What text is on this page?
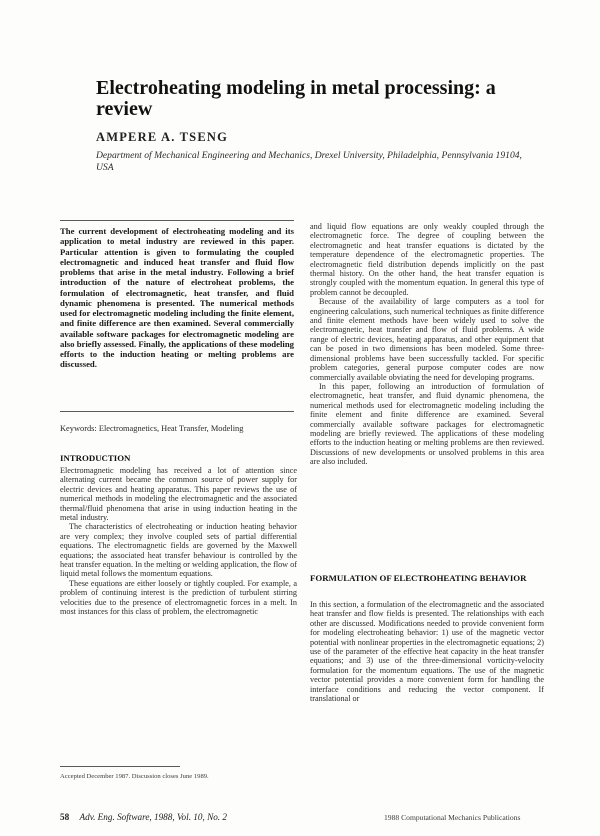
Electroheating modeling in metal processing: a review
AMPERE A. TSENG
Department of Mechanical Engineering and Mechanics, Drexel University, Philadelphia, Pennsylvania 19104, USA

The current development of electroheating modeling and its application to metal industry are reviewed in this paper. Particular attention is given to formulating the coupled electromagnetic and induced heat transfer and fluid flow problems that arise in the metal industry. Following a brief introduction of the nature of electroheat problems, the formulation of electromagnetic, heat transfer, and fluid dynamic phenomena is presented. The numerical methods used for electromagnetic modeling including the finite element, and finite difference are then examined. Several commercially available software packages for electromagnetic modeling are also briefly assessed. Finally, the applications of these modeling efforts to the induction heating or melting problems are discussed.

Keywords: Electromagnetics, Heat Transfer, Modeling
INTRODUCTION

Electromagnetic modeling has received a lot of attention since alternating current became the common source of power supply for electric devices and heating apparatus. This paper reviews the use of numerical methods in modeling the electromagnetic and the associated thermal/fluid phenomena that arise in using induction heating in the metal industry.

The characteristics of electroheating or induction heating behavior are very complex; they involve coupled sets of partial differential equations. The electromagnetic fields are governed by the Maxwell equations; the associated heat transfer behaviour is controlled by the heat transfer equation. In the melting or welding application, the flow of liquid metal follows the momentum equations.

These equations are either loosely or tightly coupled. For example, a problem of continuing interest is the prediction of turbulent stirring velocities due to the presence of electromagnetic forces in a melt. In most instances for this class of problem, the electromagnetic

Accepted December 1987. Discussion closes June 1989.

and liquid flow equations are only weakly coupled through the electromagnetic force. The degree of coupling between the electromagnetic and heat transfer equations is dictated by the temperature dependence of the electromagnetic properties. The electromagnetic field distribution depends implicitly on the past thermal history. On the other hand, the heat transfer equation is strongly coupled with the momentum equation. In general this type of problem cannot be decoupled.

Because of the availability of large computers as a tool for engineering calculations, such numerical techniques as finite difference and finite element methods have been widely used to solve the electromagnetic, heat transfer and flow of fluid problems. A wide range of electric devices, heating apparatus, and other equipment that can be posed in two dimensions has been modeled. Some three-dimensional problems have been successfully tackled. For specific problem categories, general purpose computer codes are now commercially available obviating the need for developing programs.

In this paper, following an introduction of formulation of electromagnetic, heat transfer, and fluid dynamic phenomena, the numerical methods used for electromagnetic modeling including the finite element and finite difference are examined. Several commercially available software packages for electromagnetic modeling are briefly reviewed. The applications of these modeling efforts to the induction heating or melting problems are then reviewed. Discussions of new developments or unsolved problems in this area are also included.

FORMULATION OF ELECTROHEATING BEHAVIOR

In this section, a formulation of the electromagnetic and the associated heat transfer and flow fields is presented. The relationships with each other are discussed. Modifications needed to provide convenient form for modeling electroheating behavior: 1) use of the magnetic vector potential with nonlinear properties in the electromagnetic equations; 2) use of the parameter of the effective heat capacity in the heat transfer equations; and 3) use of the three-dimensional vorticity-velocity formulation for the momentum equations. The use of the magnetic vector potential provides a more convenient form for handling the interface conditions and reducing the vector component. If translational or

58 Adv. Eng. Software, 1988, Vol. 10, No. 2	1988 Computational Mechanics Publications
